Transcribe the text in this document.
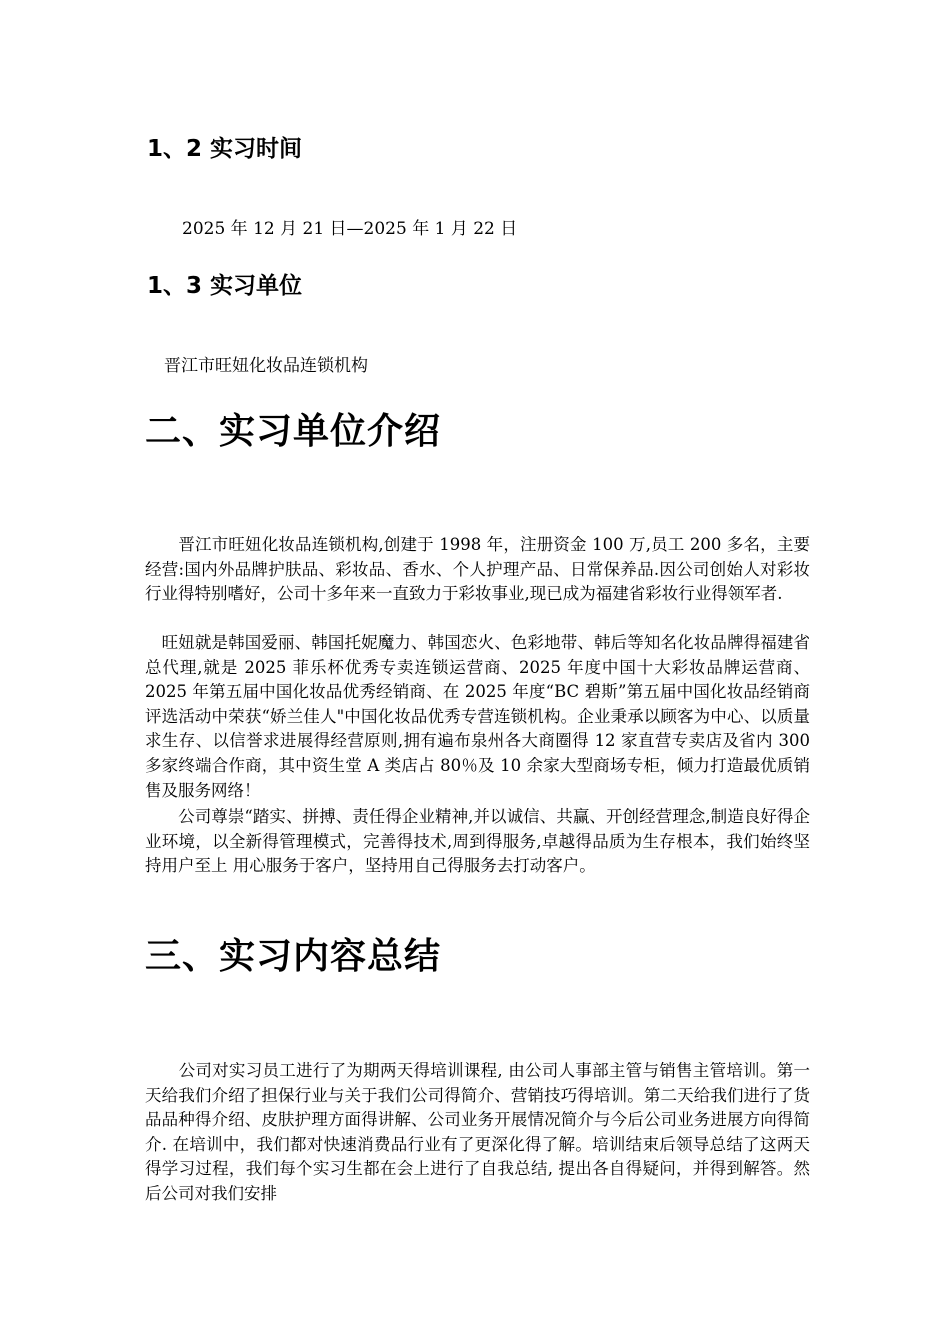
1、2 实习时间

2025 年 12 月 21 日—2025 年 1 月 22 日

1、3 实习单位

晋江市旺妞化妆品连锁机构

二、实习单位介绍

　　晋江市旺妞化妆品连锁机构,创建于 1998 年，注册资金 100 万,员工 200 多名，主要经营:国内外品牌护肤品、彩妆品、香水、个人护理产品、日常保养品.因公司创始人对彩妆行业得特别嗜好，公司十多年来一直致力于彩妆事业,现已成为福建省彩妆行业得领军者.

　旺妞就是韩国爱丽、韩国托妮魔力、韩国恋火、色彩地带、韩后等知名化妆品牌得福建省总代理,就是 2025 菲乐杯优秀专卖连锁运营商、2025 年度中国十大彩妆品牌运营商、2025 年第五届中国化妆品优秀经销商、在 2025 年度“BC 碧斯”第五届中国化妆品经销商评选活动中荣获“娇兰佳人"中国化妆品优秀专营连锁机构。企业秉承以顾客为中心、以质量求生存、以信誉求进展得经营原则,拥有遍布泉州各大商圈得 12 家直营专卖店及省内 300 多家终端合作商，其中资生堂 A 类店占 80％及 10 余家大型商场专柜，倾力打造最优质销售及服务网络！

　　公司尊崇“踏实、拼搏、责任得企业精神,并以诚信、共赢、开创经营理念,制造良好得企业环境，以全新得管理模式，完善得技术,周到得服务,卓越得品质为生存根本，我们始终坚持用户至上 用心服务于客户，坚持用自己得服务去打动客户。

三、实习内容总结

　　公司对实习员工进行了为期两天得培训课程, 由公司人事部主管与销售主管培训。第一天给我们介绍了担保行业与关于我们公司得简介、营销技巧得培训。第二天给我们进行了货品品种得介绍、皮肤护理方面得讲解、公司业务开展情况简介与今后公司业务进展方向得简介. 在培训中，我们都对快速消费品行业有了更深化得了解。培训结束后领导总结了这两天得学习过程，我们每个实习生都在会上进行了自我总结, 提出各自得疑问，并得到解答。然后公司对我们安排
